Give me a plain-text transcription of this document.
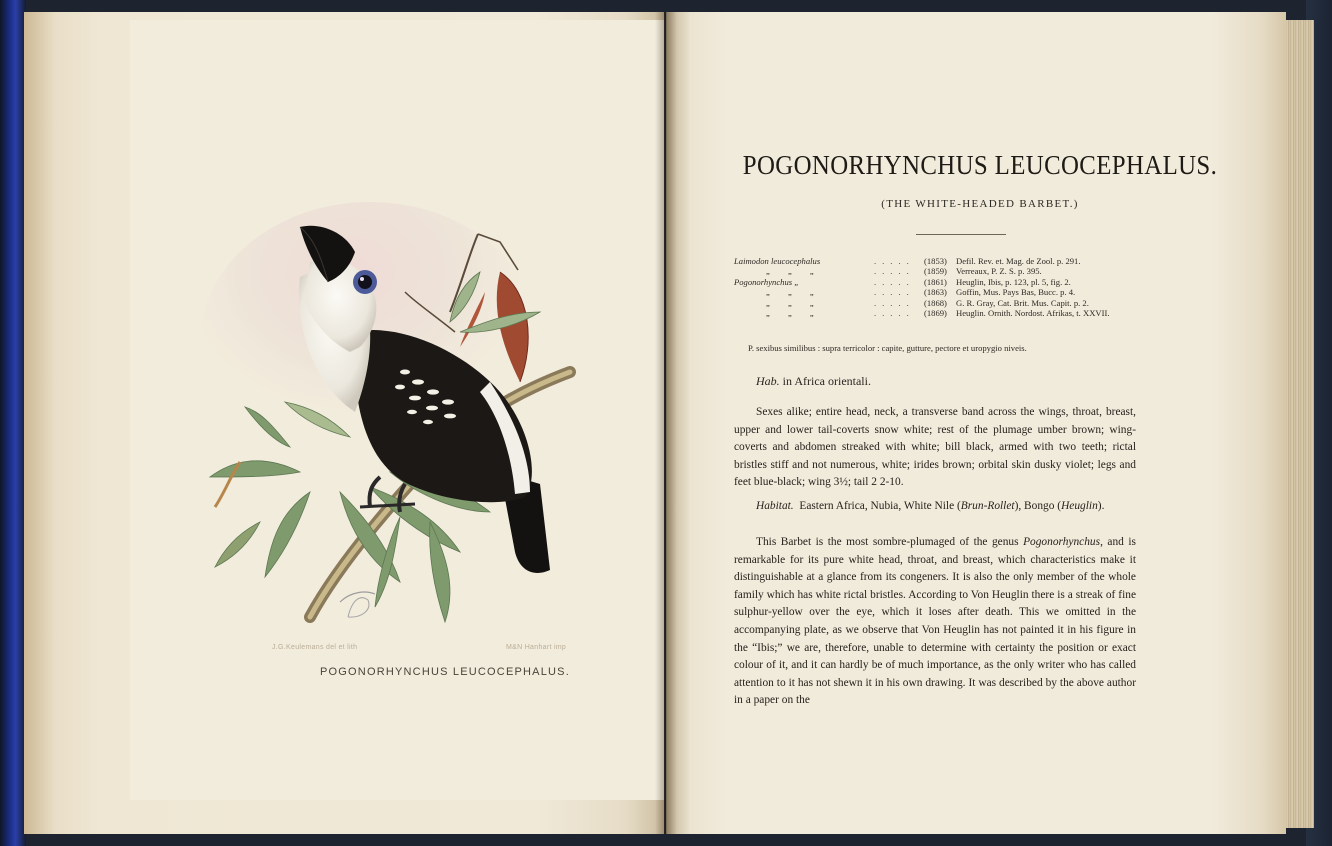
J.G.Keulemans del et lith	M&N Hanhart imp
POGONORHYNCHUS LEUCOCEPHALUS.
POGONORHYNCHUS LEUCOCEPHALUS.
(THE WHITE-HEADED BARBET.)
Laimodon leucocephalus	..... (1853) Defil. Rev. et. Mag. de Zool. p. 291.
„ „ „	..... (1859) Verreaux, P. Z. S. p. 395.
Pogonorhynchus „	..... (1861) Heuglin, Ibis, p. 123, pl. 5, fig. 2.
„ „ „	..... (1863) Goffin, Mus. Pays Bas, Bucc. p. 4.
„ „ „	..... (1868) G. R. Gray, Cat. Brit. Mus. Capit. p. 2.
„ „ „	..... (1869) Heuglin. Ornith. Nordost. Afrikas, t. XXVII.
P. sexibus similibus : supra terricolor : capite, gutture, pectore et uropygio niveis.
Hab. in Africa orientali.

Sexes alike; entire head, neck, a transverse band across the wings, throat, breast, upper and lower tail-coverts snow white; rest of the plumage umber brown; wing-coverts and abdomen streaked with white; bill black, armed with two teeth; rictal bristles stiff and not numerous, white; irides brown; orbital skin dusky violet; legs and feet blue-black; wing 3½; tail 2 2-10.

Habitat. Eastern Africa, Nubia, White Nile (Brun-Rollet), Bongo (Heuglin).

This Barbet is the most sombre-plumaged of the genus Pogonorhynchus, and is remarkable for its pure white head, throat, and breast, which characteristics make it distinguishable at a glance from its congeners. It is also the only member of the whole family which has white rictal bristles. According to Von Heuglin there is a streak of fine sulphur-yellow over the eye, which it loses after death. This we omitted in the accompanying plate, as we observe that Von Heuglin has not painted it in his figure in the “Ibis;” we are, therefore, unable to determine with certainty the position or exact colour of it, and it can hardly be of much importance, as the only writer who has called attention to it has not shewn it in his own drawing. It was described by the above author in a paper on the
